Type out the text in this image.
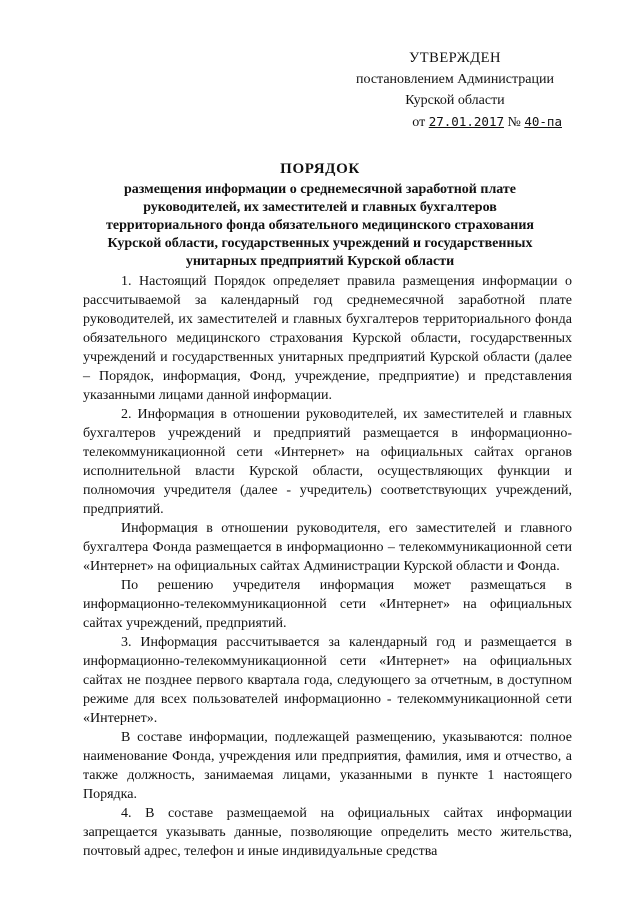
УТВЕРЖДЕН
постановлением Администрации
Курской области
от 27.01.2017 № 40-па
ПОРЯДОК
размещения информации о среднемесячной заработной плате руководителей, их заместителей и главных бухгалтеров территориального фонда обязательного медицинского страхования Курской области, государственных учреждений и государственных унитарных предприятий Курской области

1. Настоящий Порядок определяет правила размещения информации о рассчитываемой за календарный год среднемесячной заработной плате руководителей, их заместителей и главных бухгалтеров территориального фонда обязательного медицинского страхования Курской области, государственных учреждений и государственных унитарных предприятий Курской области (далее – Порядок, информация, Фонд, учреждение, предприятие) и представления указанными лицами данной информации.

2. Информация в отношении руководителей, их заместителей и главных бухгалтеров учреждений и предприятий размещается в информационно-телекоммуникационной сети «Интернет» на официальных сайтах органов исполнительной власти Курской области, осуществляющих функции и полномочия учредителя (далее - учредитель) соответствующих учреждений, предприятий.

Информация в отношении руководителя, его заместителей и главного бухгалтера Фонда размещается в информационно – телекоммуникационной сети «Интернет» на официальных сайтах Администрации Курской области и Фонда.

По решению учредителя информация может размещаться в информационно-телекоммуникационной сети «Интернет» на официальных сайтах учреждений, предприятий.

3. Информация рассчитывается за календарный год и размещается в информационно-телекоммуникационной сети «Интернет» на официальных сайтах не позднее первого квартала года, следующего за отчетным, в доступном режиме для всех пользователей информационно - телекоммуникационной сети «Интернет».

В составе информации, подлежащей размещению, указываются: полное наименование Фонда, учреждения или предприятия, фамилия, имя и отчество, а также должность, занимаемая лицами, указанными в пункте 1 настоящего Порядка.

4. В составе размещаемой на официальных сайтах информации запрещается указывать данные, позволяющие определить место жительства, почтовый адрес, телефон и иные индивидуальные средства
